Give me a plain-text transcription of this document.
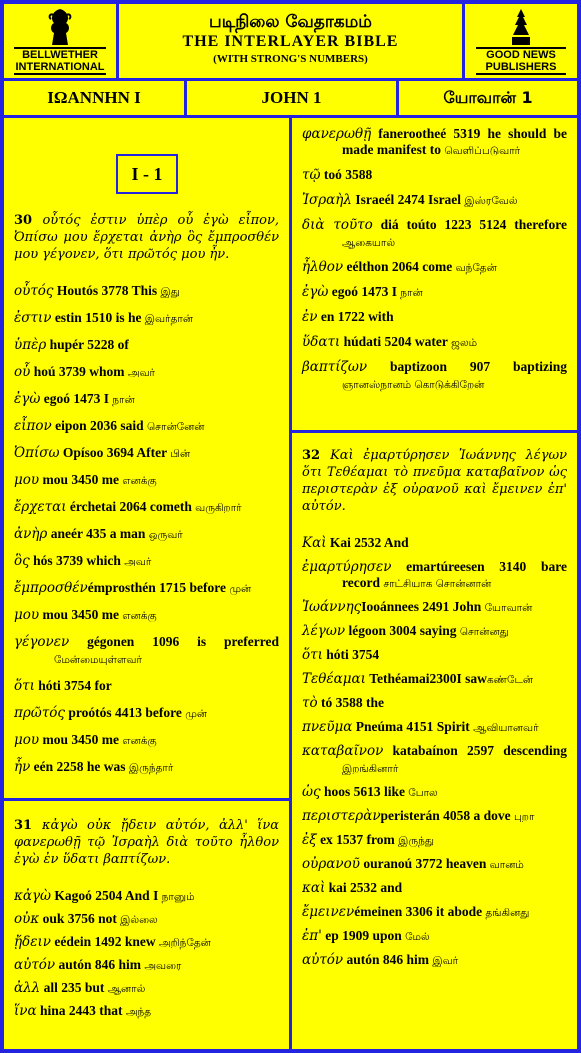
BELLWETHER INTERNATIONAL
படிநிலை வேதாகமம்
THE INTERLAYER BIBLE
(WITH STRONG'S NUMBERS)	GOOD NEWS PUBLISHERS
ΙΩΑΝΝΗΝ Ι	JOHN 1	யோவான் 1
I - 1
30 οὗτός ἐστιν ὑπὲρ οὗ ἐγὼ εἶπον, Ὀπίσω μου ἔρχεται ἀνὴρ ὃς ἔμπροσθέν μου γέγονεν, ὅτι πρῶτός μου ἦν.
οὗτός Houtós 3778 This இது
ἐστιν estin 1510 is he இவர்தான்
ὑπὲρ hupér 5228 of
οὗ hoú 3739 whom அவர்
ἐγὼ egoó 1473 I நான்
εἶπον eipon 2036 said சொன்னேன்
Ὀπίσω Opísoo 3694 After பின்
μου mou 3450 me எனக்கு
ἔρχεται érchetai 2064 cometh வருகிறார்
ἀνὴρ aneér 435 a man ஒருவர்
ὃς hós 3739 which அவர்
ἔμπροσθένémprosthén 1715 before முன்
μου mou 3450 me எனக்கு
γέγονεν gégonen 1096 is preferred மேன்மையுள்ளவர்
ὅτι hóti 3754 for
πρῶτός proótós 4413 before முன்
μου mou 3450 me எனக்கு
ἦν eén 2258 he was இருந்தார்
31 κἀγὼ οὐκ ᾔδειν αὐτόν, ἀλλ' ἵνα φανερωθῇ τῷ Ἰσραὴλ διὰ τοῦτο ἦλθον ἐγὼ ἐν ὕδατι βαπτίζων.
κἀγὼ Kagoó 2504 And I நானும்
οὐκ ouk 3756 not இல்லை
ᾔδειν eédein 1492 knew அறிந்தேன்
αὐτόν autón 846 him அவரை
ἀλλ all 235 but ஆனால்
ἵνα hina 2443 that அந்த
φανερωθῇ fanerootheé 5319 he should be made manifest to வெளிப்படுவார்
τῷ toó 3588
Ἰσραὴλ Israeél 2474 Israel இஸ்ரவேல்
διὰ τοῦτο diá toúto 1223 5124 therefore ஆகையால்
ἦλθον eélthon 2064 come வந்தேன்
ἐγὼ egoó 1473 I நான்
ἐν en 1722 with
ὕδατι húdati 5204 water ஜலம்
βαπτίζων baptizoon 907 baptizing ஞானஸ்நானம் கொடுக்கிறேன்
32 Καὶ ἐμαρτύρησεν Ἰωάννης λέγων ὅτι Τεθέαμαι τὸ πνεῦμα καταβαῖνον ὡς περιστερὰν ἐξ οὐρανοῦ καὶ ἔμεινεν ἐπ' αὐτόν.
Καὶ Kai 2532 And
ἐμαρτύρησεν emartúreesen 3140 bare record சாட்சியாக சொன்னான்
ἸωάννηςIooánnees 2491 John யோவான்
λέγων légoon 3004 saying சொன்னது
ὅτι hóti 3754
Τεθέαμαι Tethéamai2300I sawகண்டேன்
τὸ tó 3588 the
πνεῦμα Pneúma 4151 Spirit ஆவியானவர்
καταβαῖνον katabaínon 2597 descending இறங்கினார்
ὡς hoos 5613 like போல
περιστερὰνperisterán 4058 a dove புறா
ἐξ ex 1537 from இருந்து
οὐρανοῦ ouranoú 3772 heaven வானம்
καὶ kai 2532 and
ἔμεινενémeinen 3306 it abode தங்கினது
ἐπ' ep 1909 upon மேல்
αὐτόν autón 846 him இவர்
